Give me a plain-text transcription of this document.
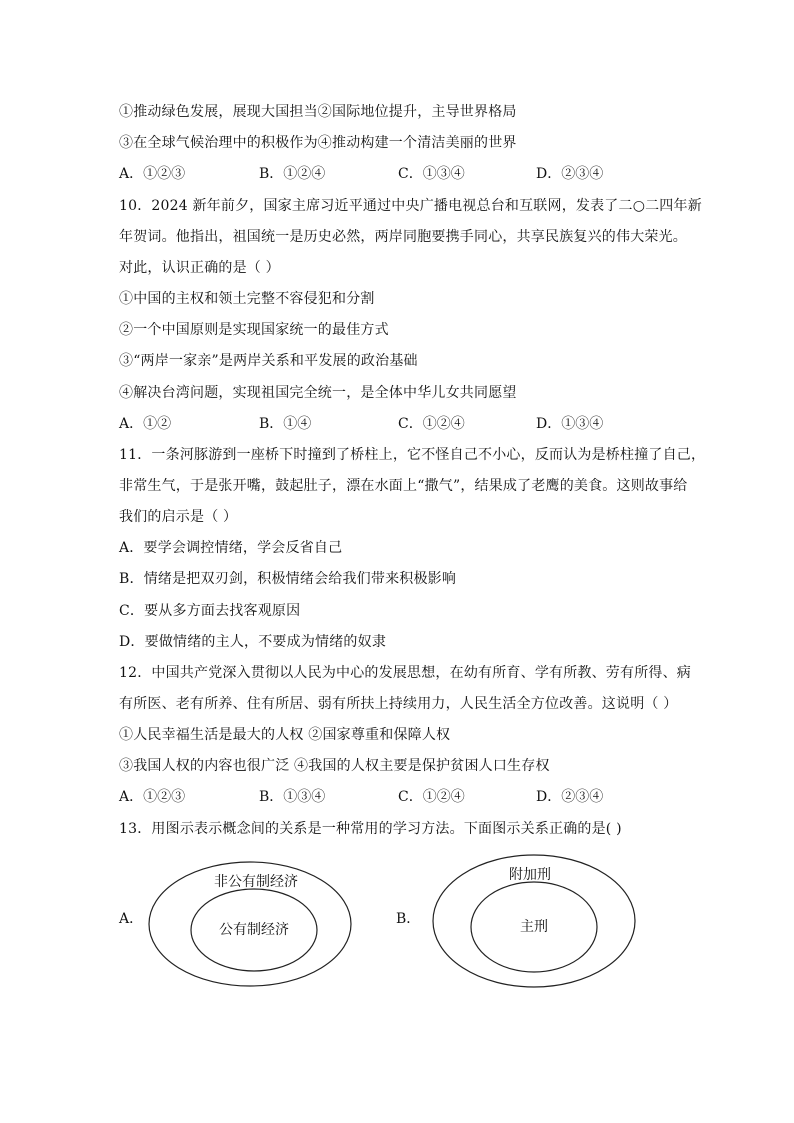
①推动绿色发展，展现大国担当②国际地位提升，主导世界格局
③在全球气候治理中的积极作为④推动构建一个清洁美丽的世界
A．①②③	B．①②④	C．①③④	D．②③④
10．2024 新年前夕，国家主席习近平通过中央广播电视总台和互联网，发表了二○二四年新
年贺词。他指出，祖国统一是历史必然，两岸同胞要携手同心，共享民族复兴的伟大荣光。
对此，认识正确的是（ ）
①中国的主权和领土完整不容侵犯和分割
②一个中国原则是实现国家统一的最佳方式
③“两岸一家亲”是两岸关系和平发展的政治基础
④解决台湾问题，实现祖国完全统一，是全体中华儿女共同愿望
A．①②	B．①④	C．①②④	D．①③④
11．一条河豚游到一座桥下时撞到了桥柱上，它不怪自己不小心，反而认为是桥柱撞了自己，
非常生气，于是张开嘴，鼓起肚子，漂在水面上“撒气”，结果成了老鹰的美食。这则故事给
我们的启示是（ ）
A．要学会调控情绪，学会反省自己
B．情绪是把双刃剑，积极情绪会给我们带来积极影响
C．要从多方面去找客观原因
D．要做情绪的主人，不要成为情绪的奴隶
12．中国共产党深入贯彻以人民为中心的发展思想，在幼有所育、学有所教、劳有所得、病
有所医、老有所养、住有所居、弱有所扶上持续用力，人民生活全方位改善。这说明（ ）
①人民幸福生活是最大的人权 ②国家尊重和保障人权
③我国人权的内容也很广泛 ④我国的人权主要是保护贫困人口生存权
A．①②③	B．①③④	C．①②④	D．②③④
13．用图示表示概念间的关系是一种常用的学习方法。下面图示关系正确的是( )
A．
非公有制经济
公有制经济
B．
附加刑
主刑
